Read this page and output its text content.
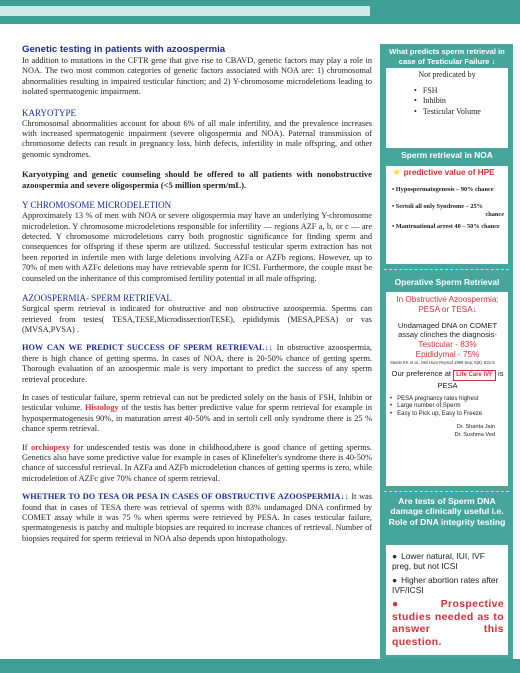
Genetic testing in patients with azoospermia

In addition to mutations in the CFTR gene that give rise to CBAVD, genetic factors may play a role in NOA. The two most common categories of genetic factors associated with NOA are: 1) chromosomal abnormalities resulting in impaired testicular function; and 2) Y-chromosome microdeletions leading to isolated spermatogenic impairment.

KARYOTYPE

Chromosomal abnormalities account for about 6% of all male infertility, and the prevalence increases with increased spermatogenic impairment (severe oligospermia and NOA). Paternal transmission of chromosome defects can result in pregnancy loss, birth defects, infertility in male offspring, and other genomic syndromes.

Karyotyping and genetic counseling should be offered to all patients with nonobstructive azoospermia and severe oligospermia (<5 million sperm/mL).

Y CHROMOSOME MICRODELETION

Approximately 13 % of men with NOA or severe oligospermia may have an underlying Y-chromosome microdeletion. Y chromosome microdeletions responsible for infertility — regions AZF a, b, or c — are detected. Y chromosome microdeletions carry both prognostic significance for finding sperm and consequences for offspring if these sperm are utilized. Successful testicular sperm extraction has not been reported in infertile men with large deletions involving AZFa or AZFb regions. However, up to 70% of men with AZFc deletions may have retrievable sperm for ICSI. Furthermore, the couple must be counseled on the inheritance of this compromised fertility potential in all male offspring.

AZOOSPERMIA- SPERM RETRIEVAL

Surgical sperm retrieval is indicated for obstructive and non obstructive azoospermia. Sperms can retrieved from testes( TESA,TESE,MicrodissectionTESE), epididymis (MESA,PESA) or vas (MVSA,PVSA) .

HOW CAN WE PREDICT SUCCESS OF SPERM RETRIEVAL↓↓ In obstructive azoospermia, there is high chance of getting sperms. In cases of NOA, there is 20-50% chance of getting sperm. Thorough evaluation of an azoospermic male is very important to predict the success of any sperm retrieval procedure.

In cases of testicular failure, sperm retrieval can not be predicted solely on the basis of FSH, Inhibin or testicular volume. Histology of the testis has better predictive value for sperm retrieval for example in hypospermatogenesis 90%, in maturation arrest 40-50% and in sertoli cell only syndrome there is 25 % chance sperm retrieval.

If orchiopexy for undescended testis was done in childhood,there is good chance of getting sperms. Genetics also have some predictive value for example in cases of Klinefelter's syndrome there is 40-50% chance of successful retrieval. In AZFa and AZFb microdeletion chances of getting sperms is zero, while microdeletion of AZFc give 70% chance of sperm retrieval.

WHETHER TO DO TESA OR PESA IN CASES OF OBSTRUCTIVE AZOOSPERMIA↓↓ It was found that in cases of TESA there was retrieval of sperms with 83% undamaged DNA confirmed by COMET assay while it was 75 % when sperms were retrieved by PESA. In cases testicular failure, spermatogenesis is patchy and multiple biopsies are required to increase chances of retrieval. Number of biopsies required for sperm retrieval in NOA also depends upon histopathology.

What predicts sperm retrieval in case of Testicular Failure ↓
Not predicated by
• FSH
• Inhibin
• Testicular Volume
Sperm retrieval in NOA
☛ predictive value of HPE
• Hypospermatogenesis – 90% chance
• Sertoli all only Syndrome – 25%
chance
• Mantruational arrest 40 – 50% chance
Operative Sperm Retrieval
In Obstructive Azoospermia: PESA or TESA↓
Undamaged DNA on COMET assay clinches the diagnosis-
Testicular - 83%
Epididymal - 75%
Steele EK et al., Mol Hum Reprod 1999 Sep; 5(9): 831-5
Our preference at Life Care IVF is PESA
• PESA pregnancy rates highest
• Large number of Sperm
• Easy to Pick up, Easy to Freeze
Dr. Shanta Jain
Dr. Sushma Ved
Are tests of Sperm DNA damage clinically useful i.e. Role of DNA integrity testing

● Lower natural, IUI, IVF preg, but not ICSI

● Higher abortion rates after IVF/ICSI

● Prospective studies needed as to answer this question.
